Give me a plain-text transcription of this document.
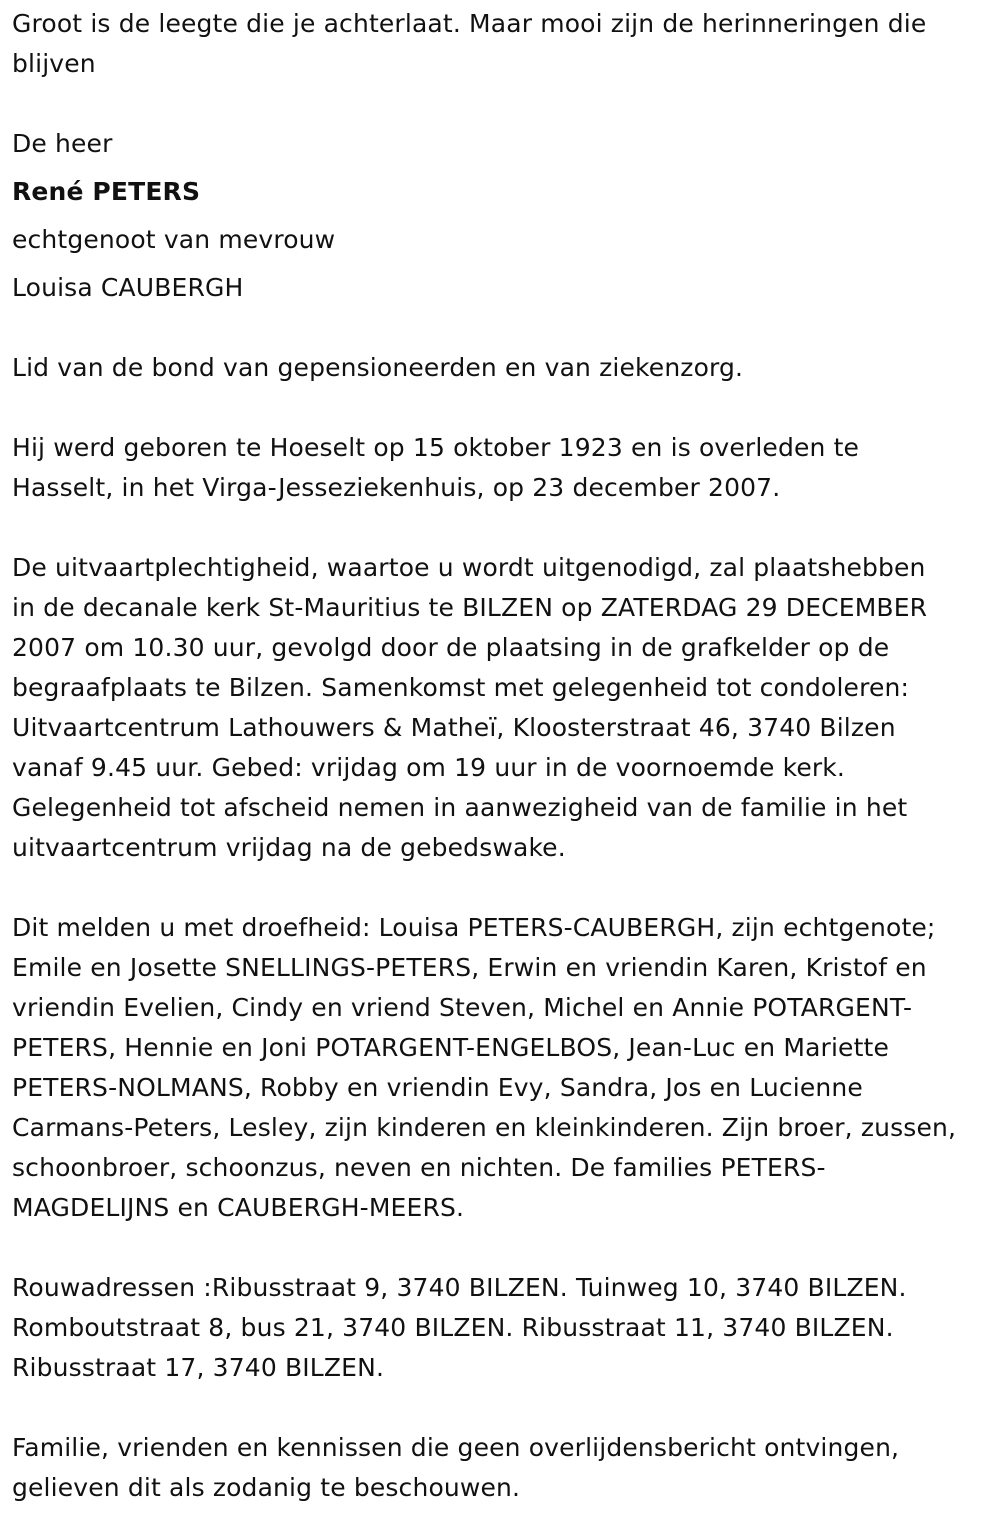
Groot is de leegte die je achterlaat. Maar mooi zijn de herinneringen die
blijven

De heer

René PETERS

echtgenoot van mevrouw

Louisa CAUBERGH

Lid van de bond van gepensioneerden en van ziekenzorg.

Hij werd geboren te Hoeselt op 15 oktober 1923 en is overleden te
Hasselt, in het Virga-Jesseziekenhuis, op 23 december 2007.

De uitvaartplechtigheid, waartoe u wordt uitgenodigd, zal plaatshebben
in de decanale kerk St-Mauritius te BILZEN op ZATERDAG 29 DECEMBER
2007 om 10.30 uur, gevolgd door de plaatsing in de grafkelder op de
begraafplaats te Bilzen. Samenkomst met gelegenheid tot condoleren:
Uitvaartcentrum Lathouwers & Matheï, Kloosterstraat 46, 3740 Bilzen
vanaf 9.45 uur. Gebed: vrijdag om 19 uur in de voornoemde kerk.
Gelegenheid tot afscheid nemen in aanwezigheid van de familie in het
uitvaartcentrum vrijdag na de gebedswake.

Dit melden u met droefheid: Louisa PETERS-CAUBERGH, zijn echtgenote;
Emile en Josette SNELLINGS-PETERS, Erwin en vriendin Karen, Kristof en
vriendin Evelien, Cindy en vriend Steven, Michel en Annie POTARGENT-
PETERS, Hennie en Joni POTARGENT-ENGELBOS, Jean-Luc en Mariette
PETERS-NOLMANS, Robby en vriendin Evy, Sandra, Jos en Lucienne
Carmans-Peters, Lesley, zijn kinderen en kleinkinderen. Zijn broer, zussen,
schoonbroer, schoonzus, neven en nichten. De families PETERS-
MAGDELIJNS en CAUBERGH-MEERS.

Rouwadressen :Ribusstraat 9, 3740 BILZEN. Tuinweg 10, 3740 BILZEN.
Romboutstraat 8, bus 21, 3740 BILZEN. Ribusstraat 11, 3740 BILZEN.
Ribusstraat 17, 3740 BILZEN.

Familie, vrienden en kennissen die geen overlijdensbericht ontvingen,
gelieven dit als zodanig te beschouwen.
